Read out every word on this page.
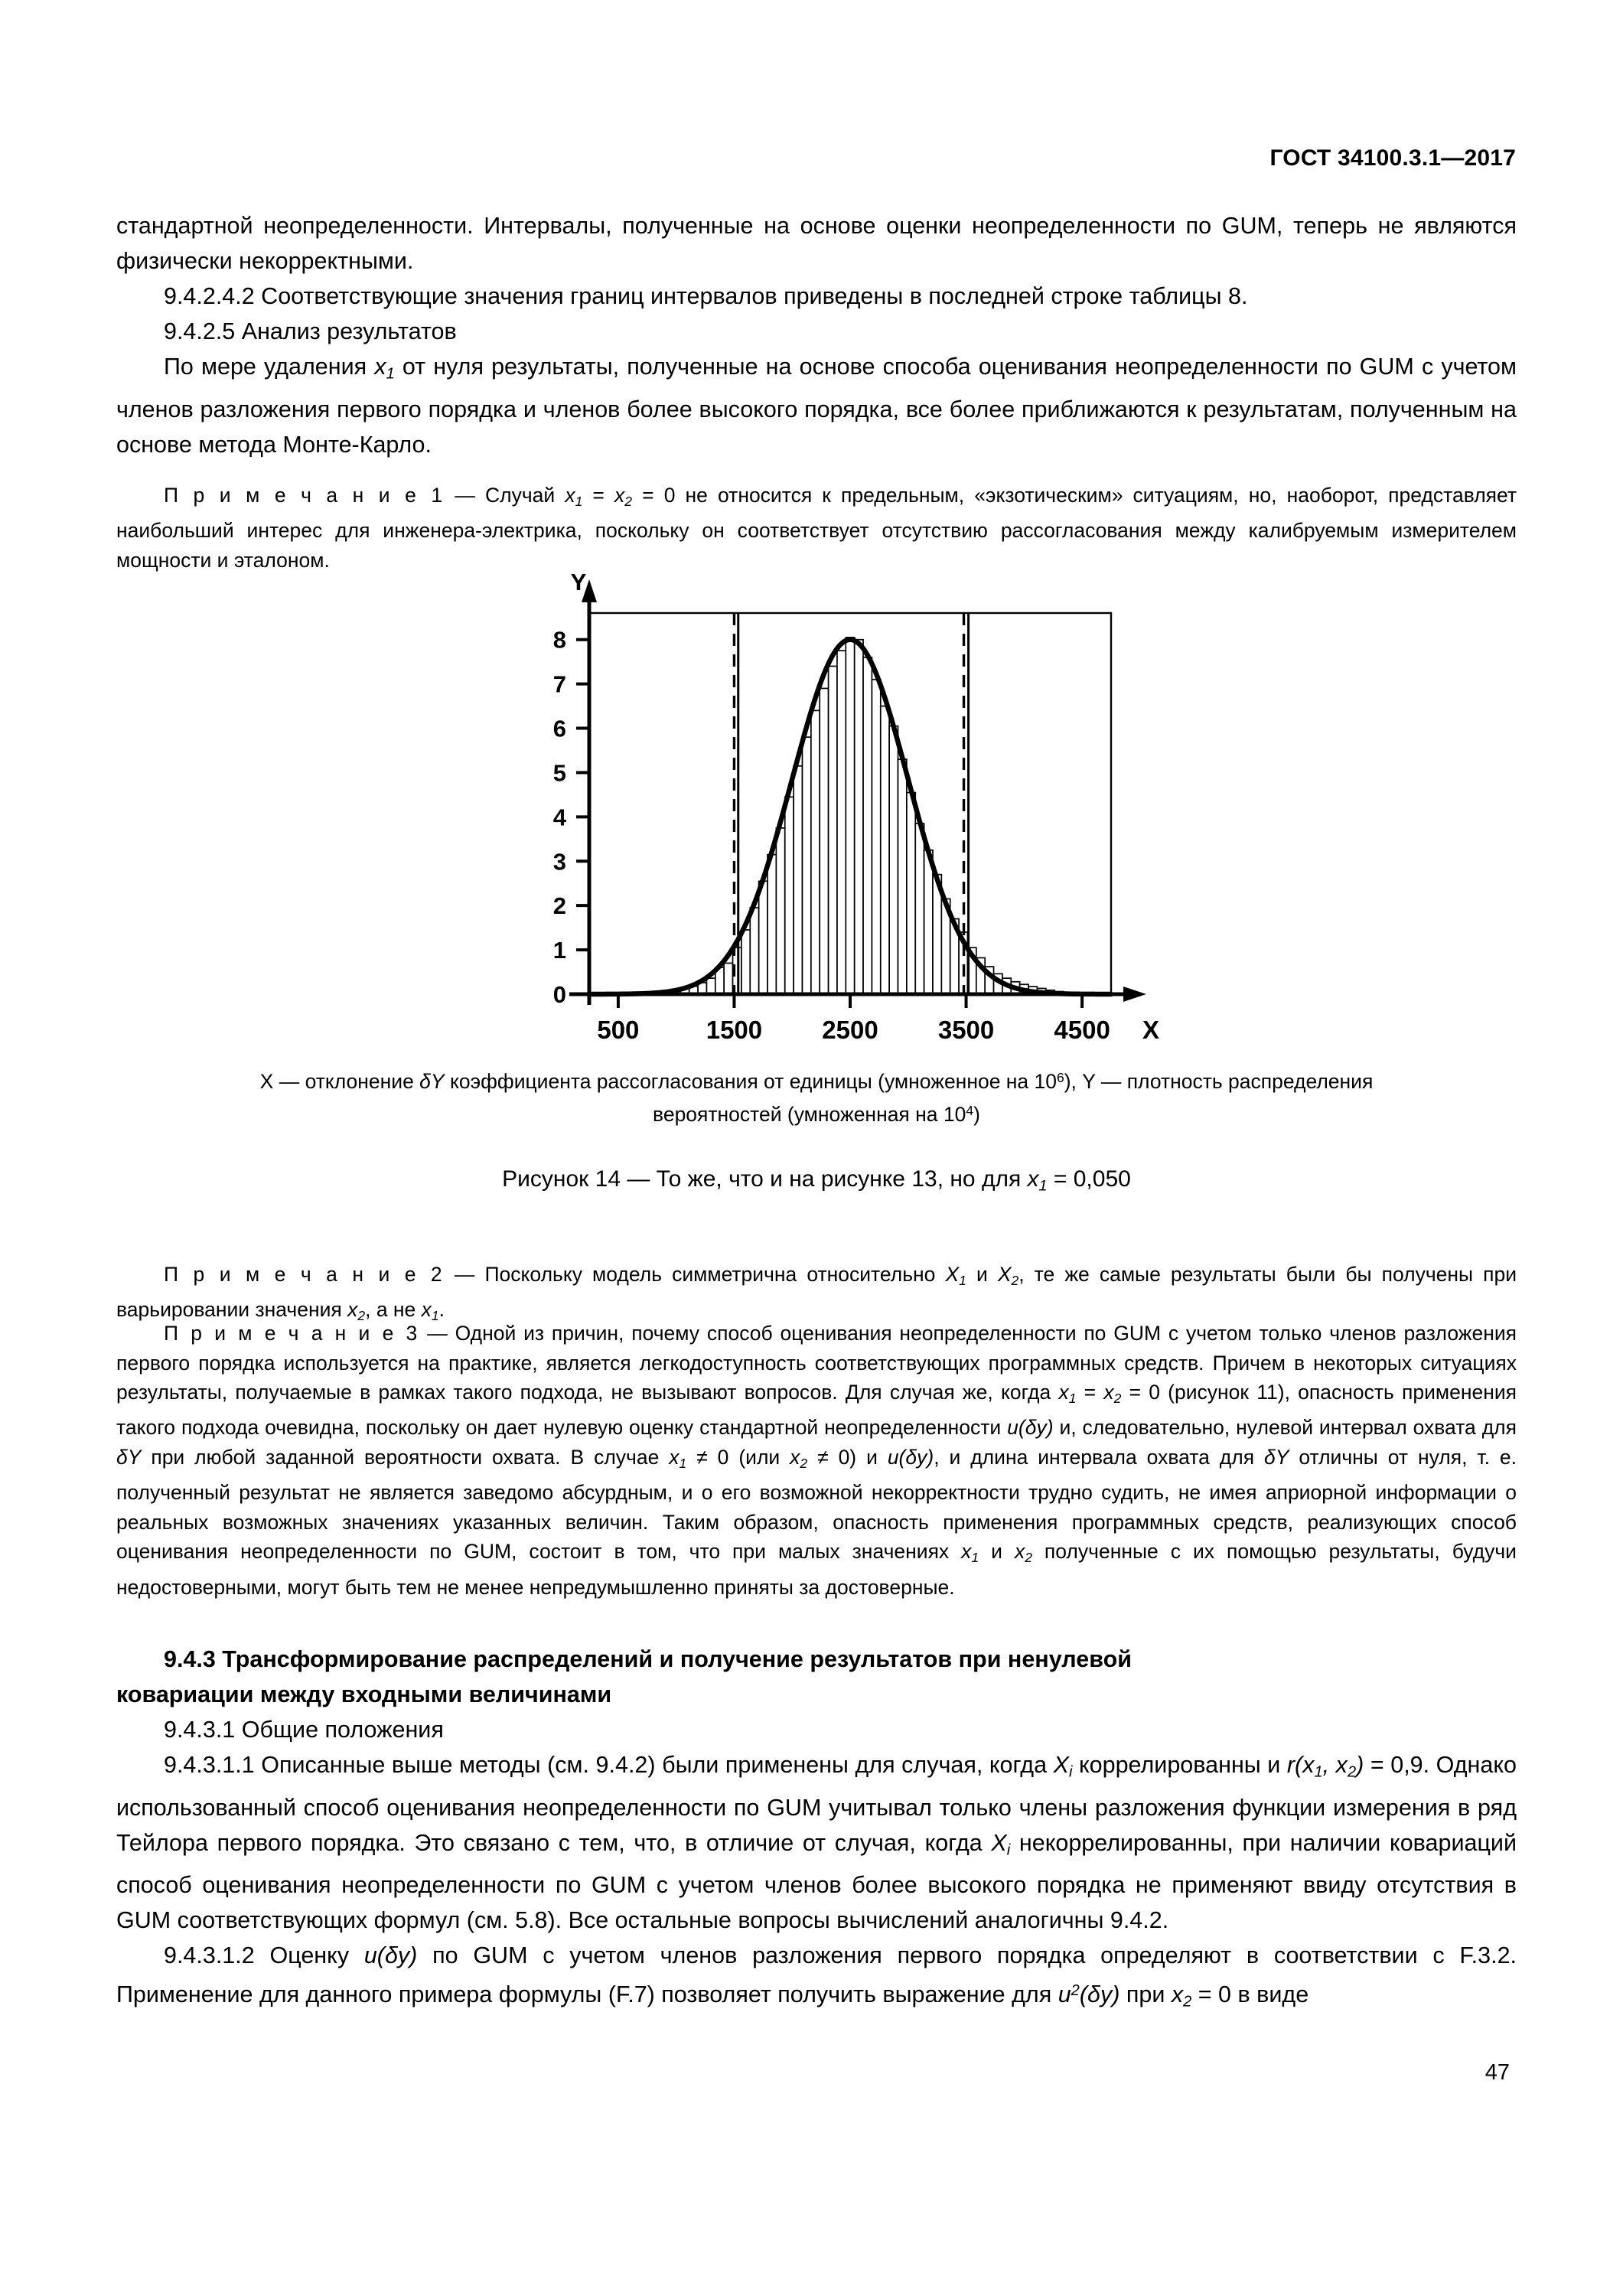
ГОСТ 34100.3.1—2017

стандартной неопределенности. Интервалы, полученные на основе оценки неопределенности по GUM, теперь не являются физически некорректными.

9.4.2.4.2 Соответствующие значения границ интервалов приведены в последней строке таблицы 8.

9.4.2.5 Анализ результатов

По мере удаления $x_1$ от нуля результаты, полученные на основе способа оценивания неопределенности по GUM с учетом членов разложения первого порядка и членов более высокого порядка, все более приближаются к результатам, полученным на основе метода Монте-Карло.

П р и м е ч а н и е 1 — Случай $x_1 = x_2 = 0$ не относится к предельным, «экзотическим» ситуациям, но, наоборот, представляет наибольший интерес для инженера-электрика, поскольку он соответствует отсутствию рассогласования между калибруемым измерителем мощности и эталоном.

0
1
2
3
4
5
6
7
8
500	1500 2500 3500 4500
Y
X
X — отклонение δY коэффициента рассогласования от единицы (умноженное на $10^6$), Y — плотность распределения вероятностей (умноженная на $10^4$)
Рисунок 14 — То же, что и на рисунке 13, но для $x_1 = 0,050$

П р и м е ч а н и е 2 — Поскольку модель симметрична относительно $X_1$ и $X_2$, те же самые результаты были бы получены при варьировании значения $x_2$, а не $x_1$.

П р и м е ч а н и е 3 — Одной из причин, почему способ оценивания неопределенности по GUM с учетом только членов разложения первого порядка используется на практике, является легкодоступность соответствующих программных средств. Причем в некоторых ситуациях результаты, получаемые в рамках такого подхода, не вызывают вопросов. Для случая же, когда $x_1 = x_2 = 0$ (рисунок 11), опасность применения такого подхода очевидна, поскольку он дает нулевую оценку стандартной неопределенности u(δy) и, следовательно, нулевой интервал охвата для δY при любой заданной вероятности охвата. В случае $x_1 \ne 0$ (или $x_2 \ne 0$) и u(δy), и длина интервала охвата для δY отличны от нуля, т. е. полученный результат не является заведомо абсурдным, и о его возможной некорректности трудно судить, не имея априорной информации о реальных возможных значениях указанных величин. Таким образом, опасность применения программных средств, реализующих способ оценивания неопределенности по GUM, состоит в том, что при малых значениях $x_1$ и $x_2$ полученные с их помощью результаты, будучи недостоверными, могут быть тем не менее непредумышленно приняты за достоверные.

9.4.3 Трансформирование распределений и получение результатов при ненулевой

ковариации между входными величинами

9.4.3.1 Общие положения

9.4.3.1.1 Описанные выше методы (см. 9.4.2) были применены для случая, когда $X_i$ коррелированны и $r(x_1$, $x_2) = 0,9$. Однако использованный способ оценивания неопределенности по GUM учитывал только члены разложения функции измерения в ряд Тейлора первого порядка. Это связано с тем, что, в отличие от случая, когда $X_i$ некоррелированны, при наличии ковариаций способ оценивания неопределенности по GUM с учетом членов более высокого порядка не применяют ввиду отсутствия в GUM соответствующих формул (см. 5.8). Все остальные вопросы вычислений аналогичны 9.4.2.

9.4.3.1.2 Оценку u(δy) по GUM с учетом членов разложения первого порядка определяют в соответствии с F.3.2. Применение для данного примера формулы (F.7) позволяет получить выражение для $u^2(\delta y)$ при $x_2 = 0$ в виде

47
